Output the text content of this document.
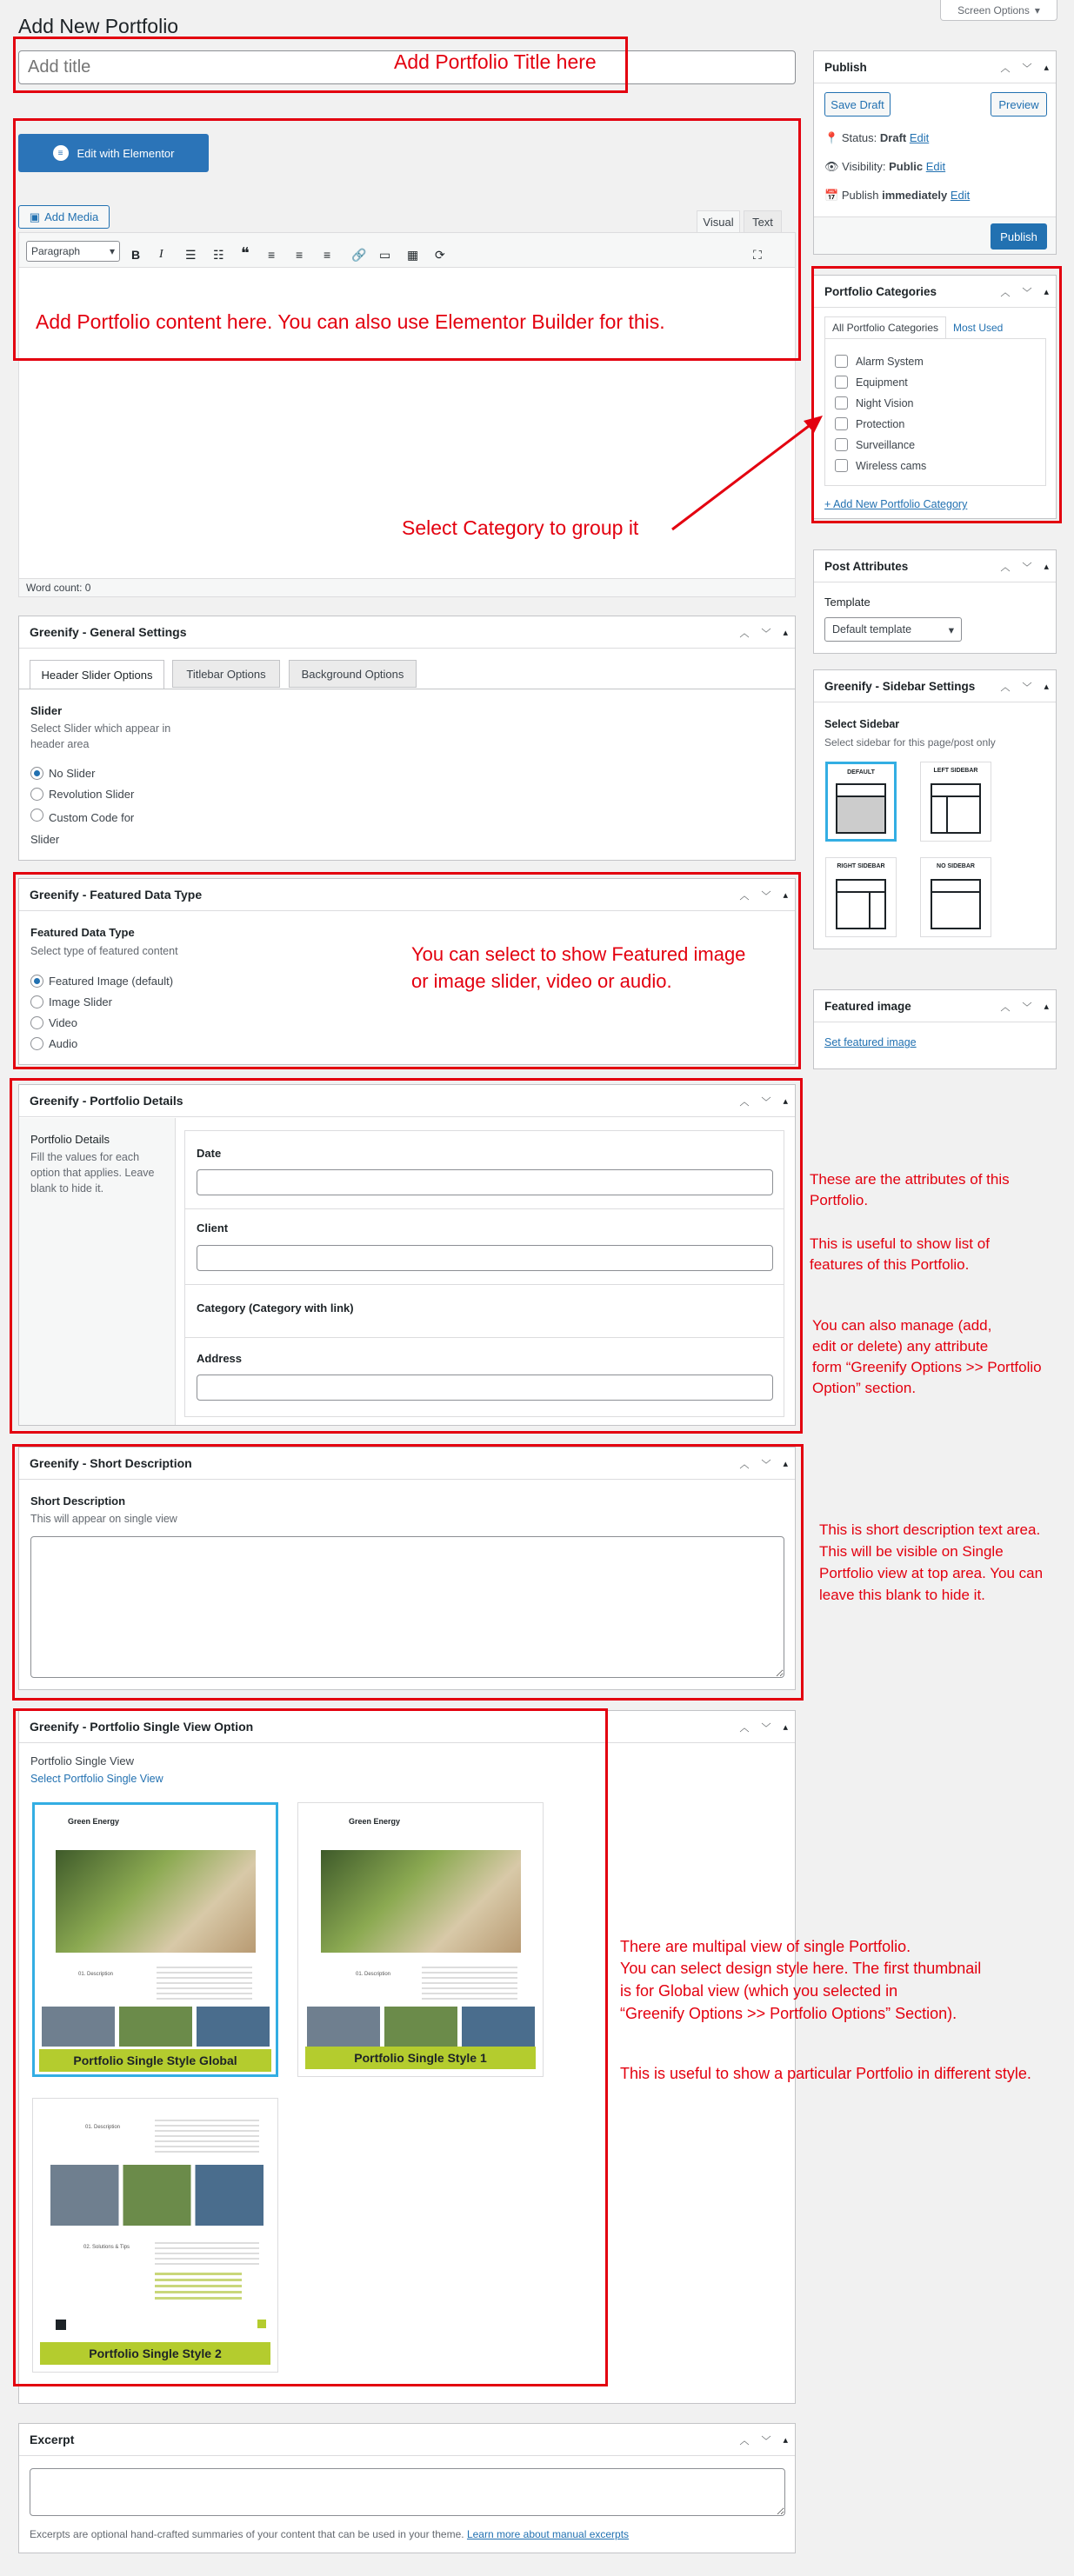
Add New Portfolio
Screen Options ▾
Add title
≡	Edit with Elementor
▣ Add Media	Visual	Text
Paragraph	▾ B I ☰ ☷ ❝ ≡ ≡ ≡ 🔗 ▭ ▦ ⟳	⛶
Word count: 0
Greenify - General Settings	︿ ﹀ ▴
Header Slider Options	Titlebar Options	Background Options
Slider
Select Slider which appear in header area
No Slider
Revolution Slider
Custom Code for Slider
Greenify - Featured Data Type	︿ ﹀ ▴
Featured Data Type
Select type of featured content
Featured Image (default)
Image Slider
Video
Audio
Greenify - Portfolio Details	︿ ﹀ ▴
Portfolio Details
Fill the values for each option that applies. Leave blank to hide it.
Date
Client
Category (Category with link)
Address
Greenify - Short Description	︿ ﹀ ▴
Short Description
This will appear on single view
Greenify - Portfolio Single View Option	︿ ﹀ ▴
Portfolio Single View
Select Portfolio Single View
Green Energy
01. Description
Portfolio Single Style Global
Green Energy
01. Description
Portfolio Single Style 1
01. Description
02. Solutions & Tips
Portfolio Single Style 2
Excerpt	︿ ﹀ ▴
Excerpts are optional hand-crafted summaries of your content that can be used in your theme. Learn more about manual excerpts
Publish	︿ ﹀ ▴
Save Draft	Preview
📍 Status: Draft Edit
👁 Visibility: Public Edit
📅 Publish immediately Edit
Publish
Portfolio Categories	︿ ﹀ ▴
All Portfolio Categories	Most Used
Alarm System
Equipment
Night Vision
Protection
Surveillance
Wireless cams
+ Add New Portfolio Category
Post Attributes	︿ ﹀ ▴
Template
Default template	▾
Greenify - Sidebar Settings	︿ ﹀ ▴
Select Sidebar
Select sidebar for this page/post only
DEFAULT	LEFT SIDEBAR
RIGHT SIDEBAR	NO SIDEBAR
Featured image	︿ ﹀ ▴
Set featured image
Add Portfolio Title here
Add Portfolio content here. You can also use Elementor Builder for this.
Select Category to group it
You can select to show Featured image
or image slider, video or audio.
These are the attributes of this
Portfolio.
This is useful to show list of
features of this Portfolio.
You can also manage (add,
edit or delete) any attribute
form “Greenify Options >> Portfolio
Option” section.
This is short description text area.
This will be visible on Single
Portfolio view at top area. You can
leave this blank to hide it.
There are multipal view of single Portfolio.
You can select design style here. The first thumbnail
is for Global view (which you selected in
“Greenify Options >> Portfolio Options” Section).
This is useful to show a particular Portfolio in different style.
